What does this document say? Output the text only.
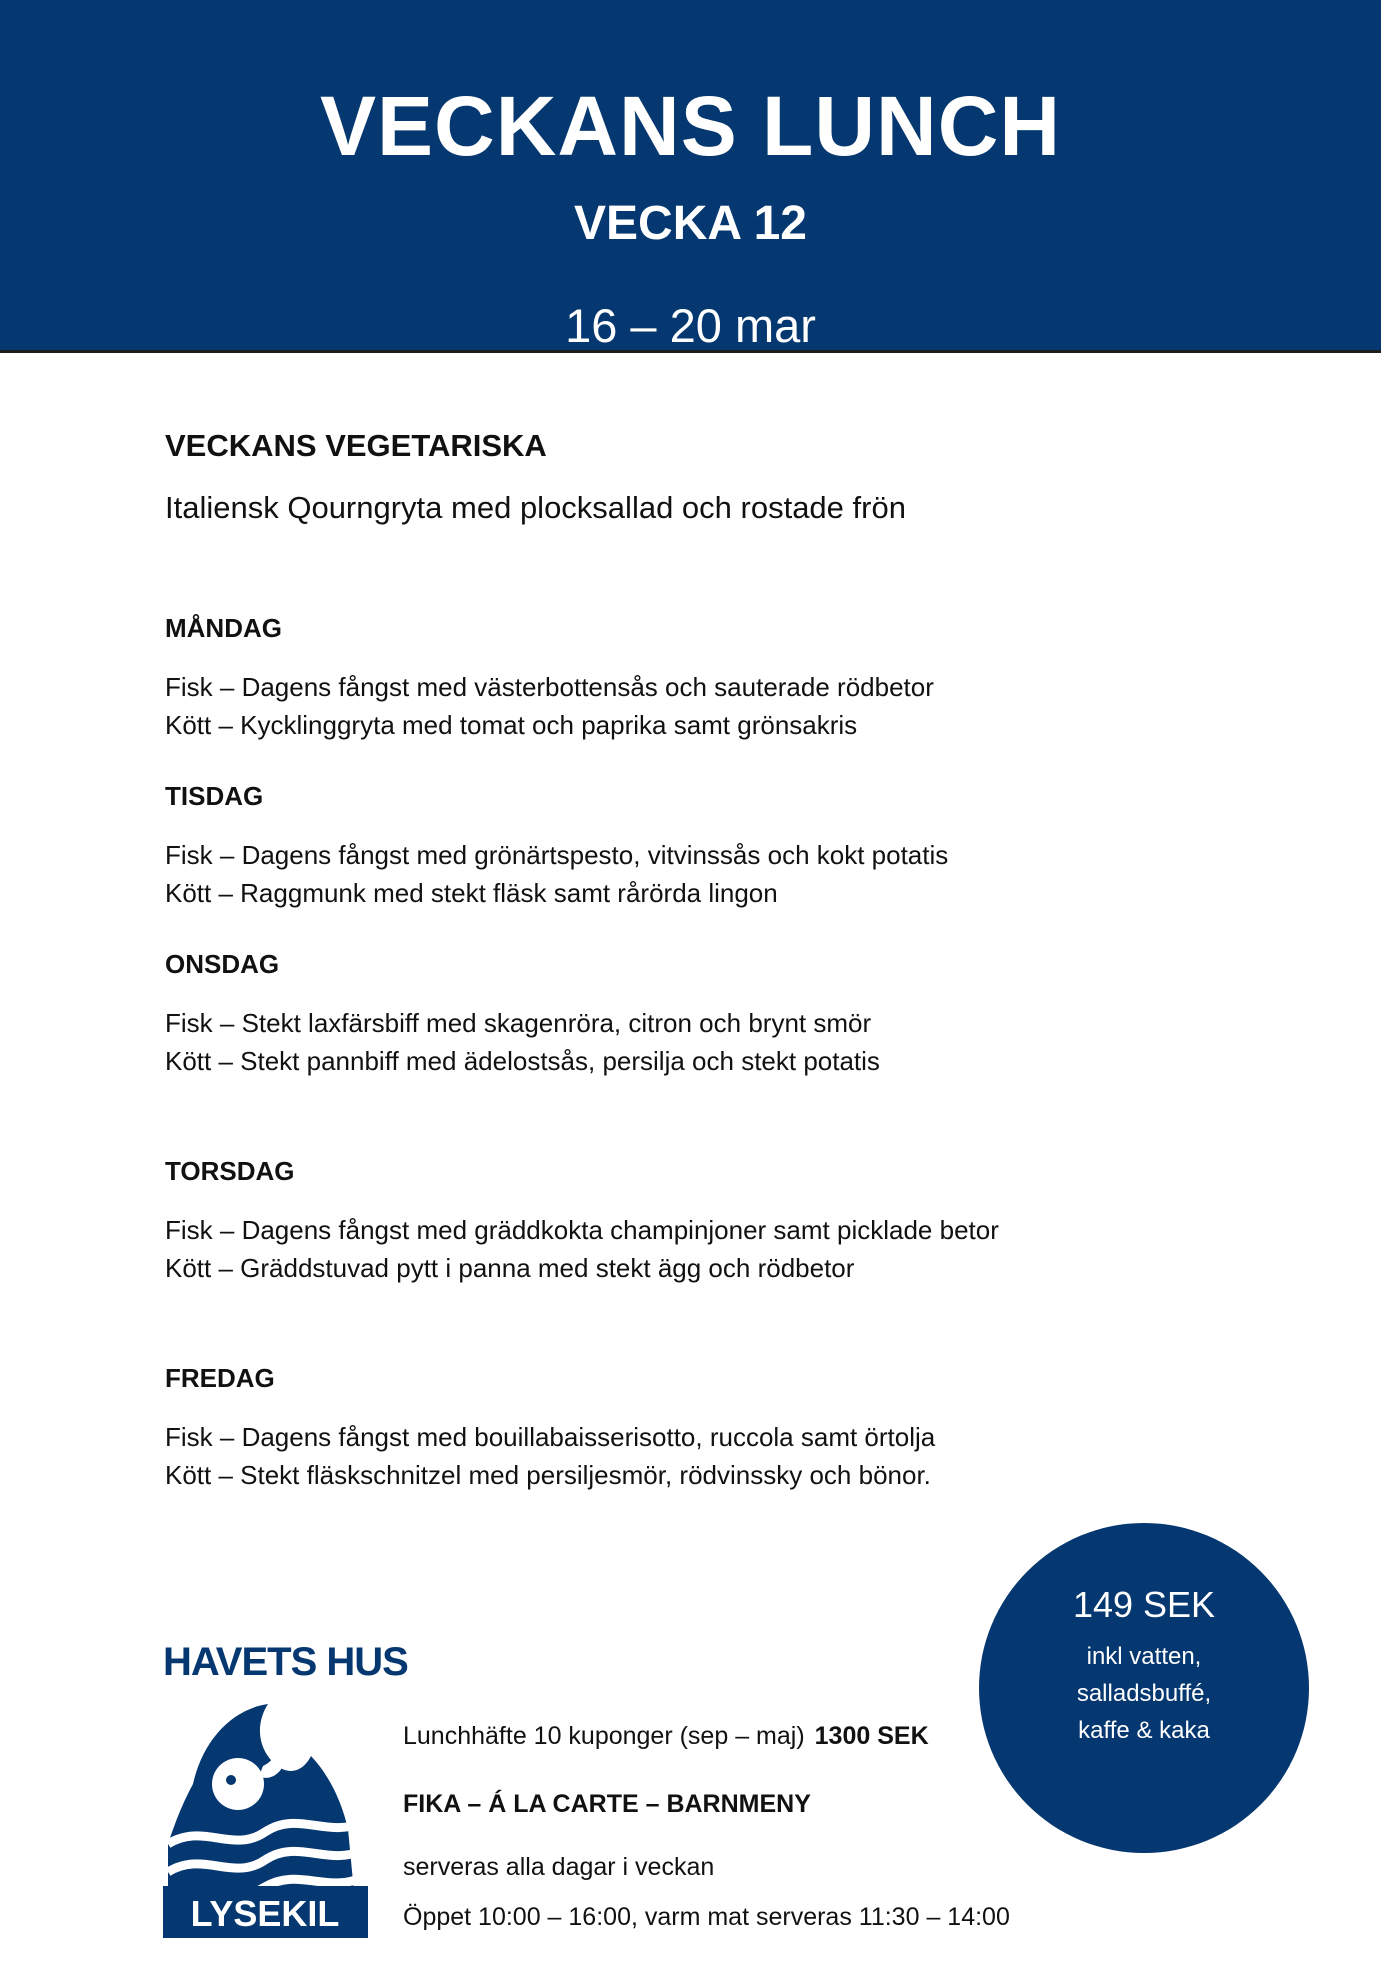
VECKANS LUNCH
VECKA 12
16 – 20 mar
VECKANS VEGETARISKA
Italiensk Qourngryta med plocksallad och rostade frön
MÅNDAG
Fisk – Dagens fångst med västerbottensås och sauterade rödbetor
Kött – Kycklinggryta med tomat och paprika samt grönsakris
TISDAG
Fisk – Dagens fångst med grönärtspesto, vitvinssås och kokt potatis
Kött – Raggmunk med stekt fläsk samt rårörda lingon
ONSDAG
Fisk – Stekt laxfärsbiff med skagenröra, citron och brynt smör
Kött – Stekt pannbiff med ädelostsås, persilja och stekt potatis
TORSDAG
Fisk – Dagens fångst med gräddkokta champinjoner samt picklade betor
Kött – Gräddstuvad pytt i panna med stekt ägg och rödbetor
FREDAG
Fisk – Dagens fångst med bouillabaisserisotto, ruccola samt örtolja
Kött – Stekt fläskschnitzel med persiljesmör, rödvinssky och bönor.
HAVETS HUS
LYSEKIL
Lunchhäfte 10 kuponger (sep – maj) 1300 SEK
FIKA – Á LA CARTE – BARNMENY
serveras alla dagar i veckan
Öppet 10:00 – 16:00, varm mat serveras 11:30 – 14:00
149 SEK
inkl vatten,
salladsbuffé,
kaffe & kaka
